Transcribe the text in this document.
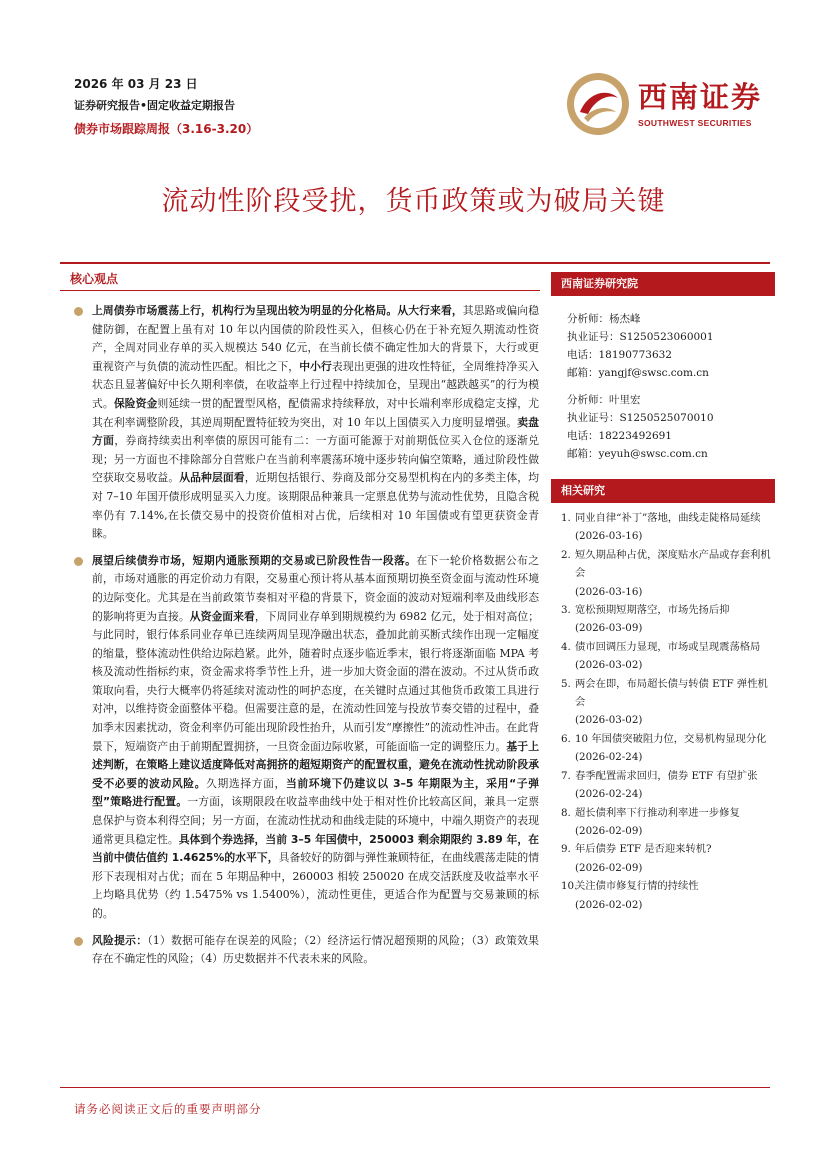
2026 年 03 月 23 日
证券研究报告•固定收益定期报告
债券市场跟踪周报（3.16-3.20）
西南证券
SOUTHWEST SECURITIES
流动性阶段受扰，货币政策或为破局关键
核心观点

上周债券市场震荡上行，机构行为呈现出较为明显的分化格局。从大行来看，其思路或偏向稳健防御，在配置上虽有对 10 年以内国债的阶段性买入，但核心仍在于补充短久期流动性资产，全周对同业存单的买入规模达 540 亿元，在当前长债不确定性加大的背景下，大行或更重视资产与负债的流动性匹配。相比之下，中小行表现出更强的进攻性特征，全周维持净买入状态且显著偏好中长久期利率债，在收益率上行过程中持续加仓，呈现出“越跌越买”的行为模式。保险资金则延续一贯的配置型风格，配债需求持续释放，对中长端利率形成稳定支撑，尤其在利率调整阶段，其逆周期配置特征较为突出，对 10 年以上国债买入力度明显增强。卖盘方面，券商持续卖出利率债的原因可能有二：一方面可能源于对前期低位买入仓位的逐渐兑现；另一方面也不排除部分自营账户在当前利率震荡环境中逐步转向偏空策略，通过阶段性做空获取交易收益。从品种层面看，近期包括银行、券商及部分交易型机构在内的多类主体，均对 7–10 年国开债形成明显买入力度。该期限品种兼具一定票息优势与流动性优势，且隐含税率仍有 7.14%,在长债交易中的投资价值相对占优，后续相对 10 年国债或有望更获资金青睐。

展望后续债券市场，短期内通胀预期的交易或已阶段性告一段落。在下一轮价格数据公布之前，市场对通胀的再定价动力有限，交易重心预计将从基本面预期切换至资金面与流动性环境的边际变化。尤其是在当前政策节奏相对平稳的背景下，资金面的波动对短端利率及曲线形态的影响将更为直接。从资金面来看，下周同业存单到期规模约为 6982 亿元，处于相对高位；与此同时，银行体系同业存单已连续两周呈现净融出状态，叠加此前买断式续作出现一定幅度的缩量，整体流动性供给边际趋紧。此外，随着时点逐步临近季末，银行将逐渐面临 MPA 考核及流动性指标约束，资金需求将季节性上升，进一步加大资金面的潜在波动。不过从货币政策取向看，央行大概率仍将延续对流动性的呵护态度，在关键时点通过其他货币政策工具进行对冲，以维持资金面整体平稳。但需要注意的是，在流动性回笼与投放节奏交错的过程中，叠加季末因素扰动，资金利率仍可能出现阶段性抬升，从而引发“摩擦性”的流动性冲击。在此背景下，短端资产由于前期配置拥挤，一旦资金面边际收紧，可能面临一定的调整压力。基于上述判断，在策略上建议适度降低对高拥挤的超短期资产的配置权重，避免在流动性扰动阶段承受不必要的波动风险。久期选择方面，当前环境下仍建议以 3–5 年期限为主，采用“子弹型”策略进行配置。一方面，该期限段在收益率曲线中处于相对性价比较高区间，兼具一定票息保护与资本利得空间；另一方面，在流动性扰动和曲线走陡的环境中，中端久期资产的表现通常更具稳定性。具体到个券选择，当前 3–5 年国债中，250003 剩余期限约 3.89 年，在当前中债估值约 1.4625%的水平下，具备较好的防御与弹性兼顾特征，在曲线震荡走陡的情形下表现相对占优；而在 5 年期品种中，260003 相较 250020 在成交活跃度及收益率水平上均略具优势（约 1.5475% vs 1.5400%），流动性更佳，更适合作为配置与交易兼顾的标的。

风险提示：（1）数据可能存在误差的风险；（2）经济运行情况超预期的风险；（3）政策效果存在不确定性的风险；（4）历史数据并不代表未来的风险。

西南证券研究院
分析师：杨杰峰
执业证号：S1250523060001
电话：18190773632
邮箱：yangjf@swsc.com.cn
分析师：叶里宏
执业证号：S1250525070010
电话：18223492691
邮箱：yeyuh@swsc.com.cn
相关研究
1. 同业自律“补丁”落地，曲线走陡格局延续
(2026-03-16)
2. 短久期品种占优，深度贴水产品或存套利机会
(2026-03-16)
3. 宽松预期短期落空，市场先扬后抑
(2026-03-09)
4. 债市回调压力显现，市场或呈现震荡格局
(2026-03-02)
5. 两会在即，布局超长债与转债 ETF 弹性机会
(2026-03-02)
6. 10 年国债突破阻力位，交易机构显现分化
(2026-02-24)
7. 春季配置需求回归，债券 ETF 有望扩张
(2026-02-24)
8. 超长债利率下行推动利率进一步修复
(2026-02-09)
9. 年后债券 ETF 是否迎来转机?
(2026-02-09)
10.
关注债市修复行情的持续性
(2026-02-02)
请务必阅读正文后的重要声明部分
